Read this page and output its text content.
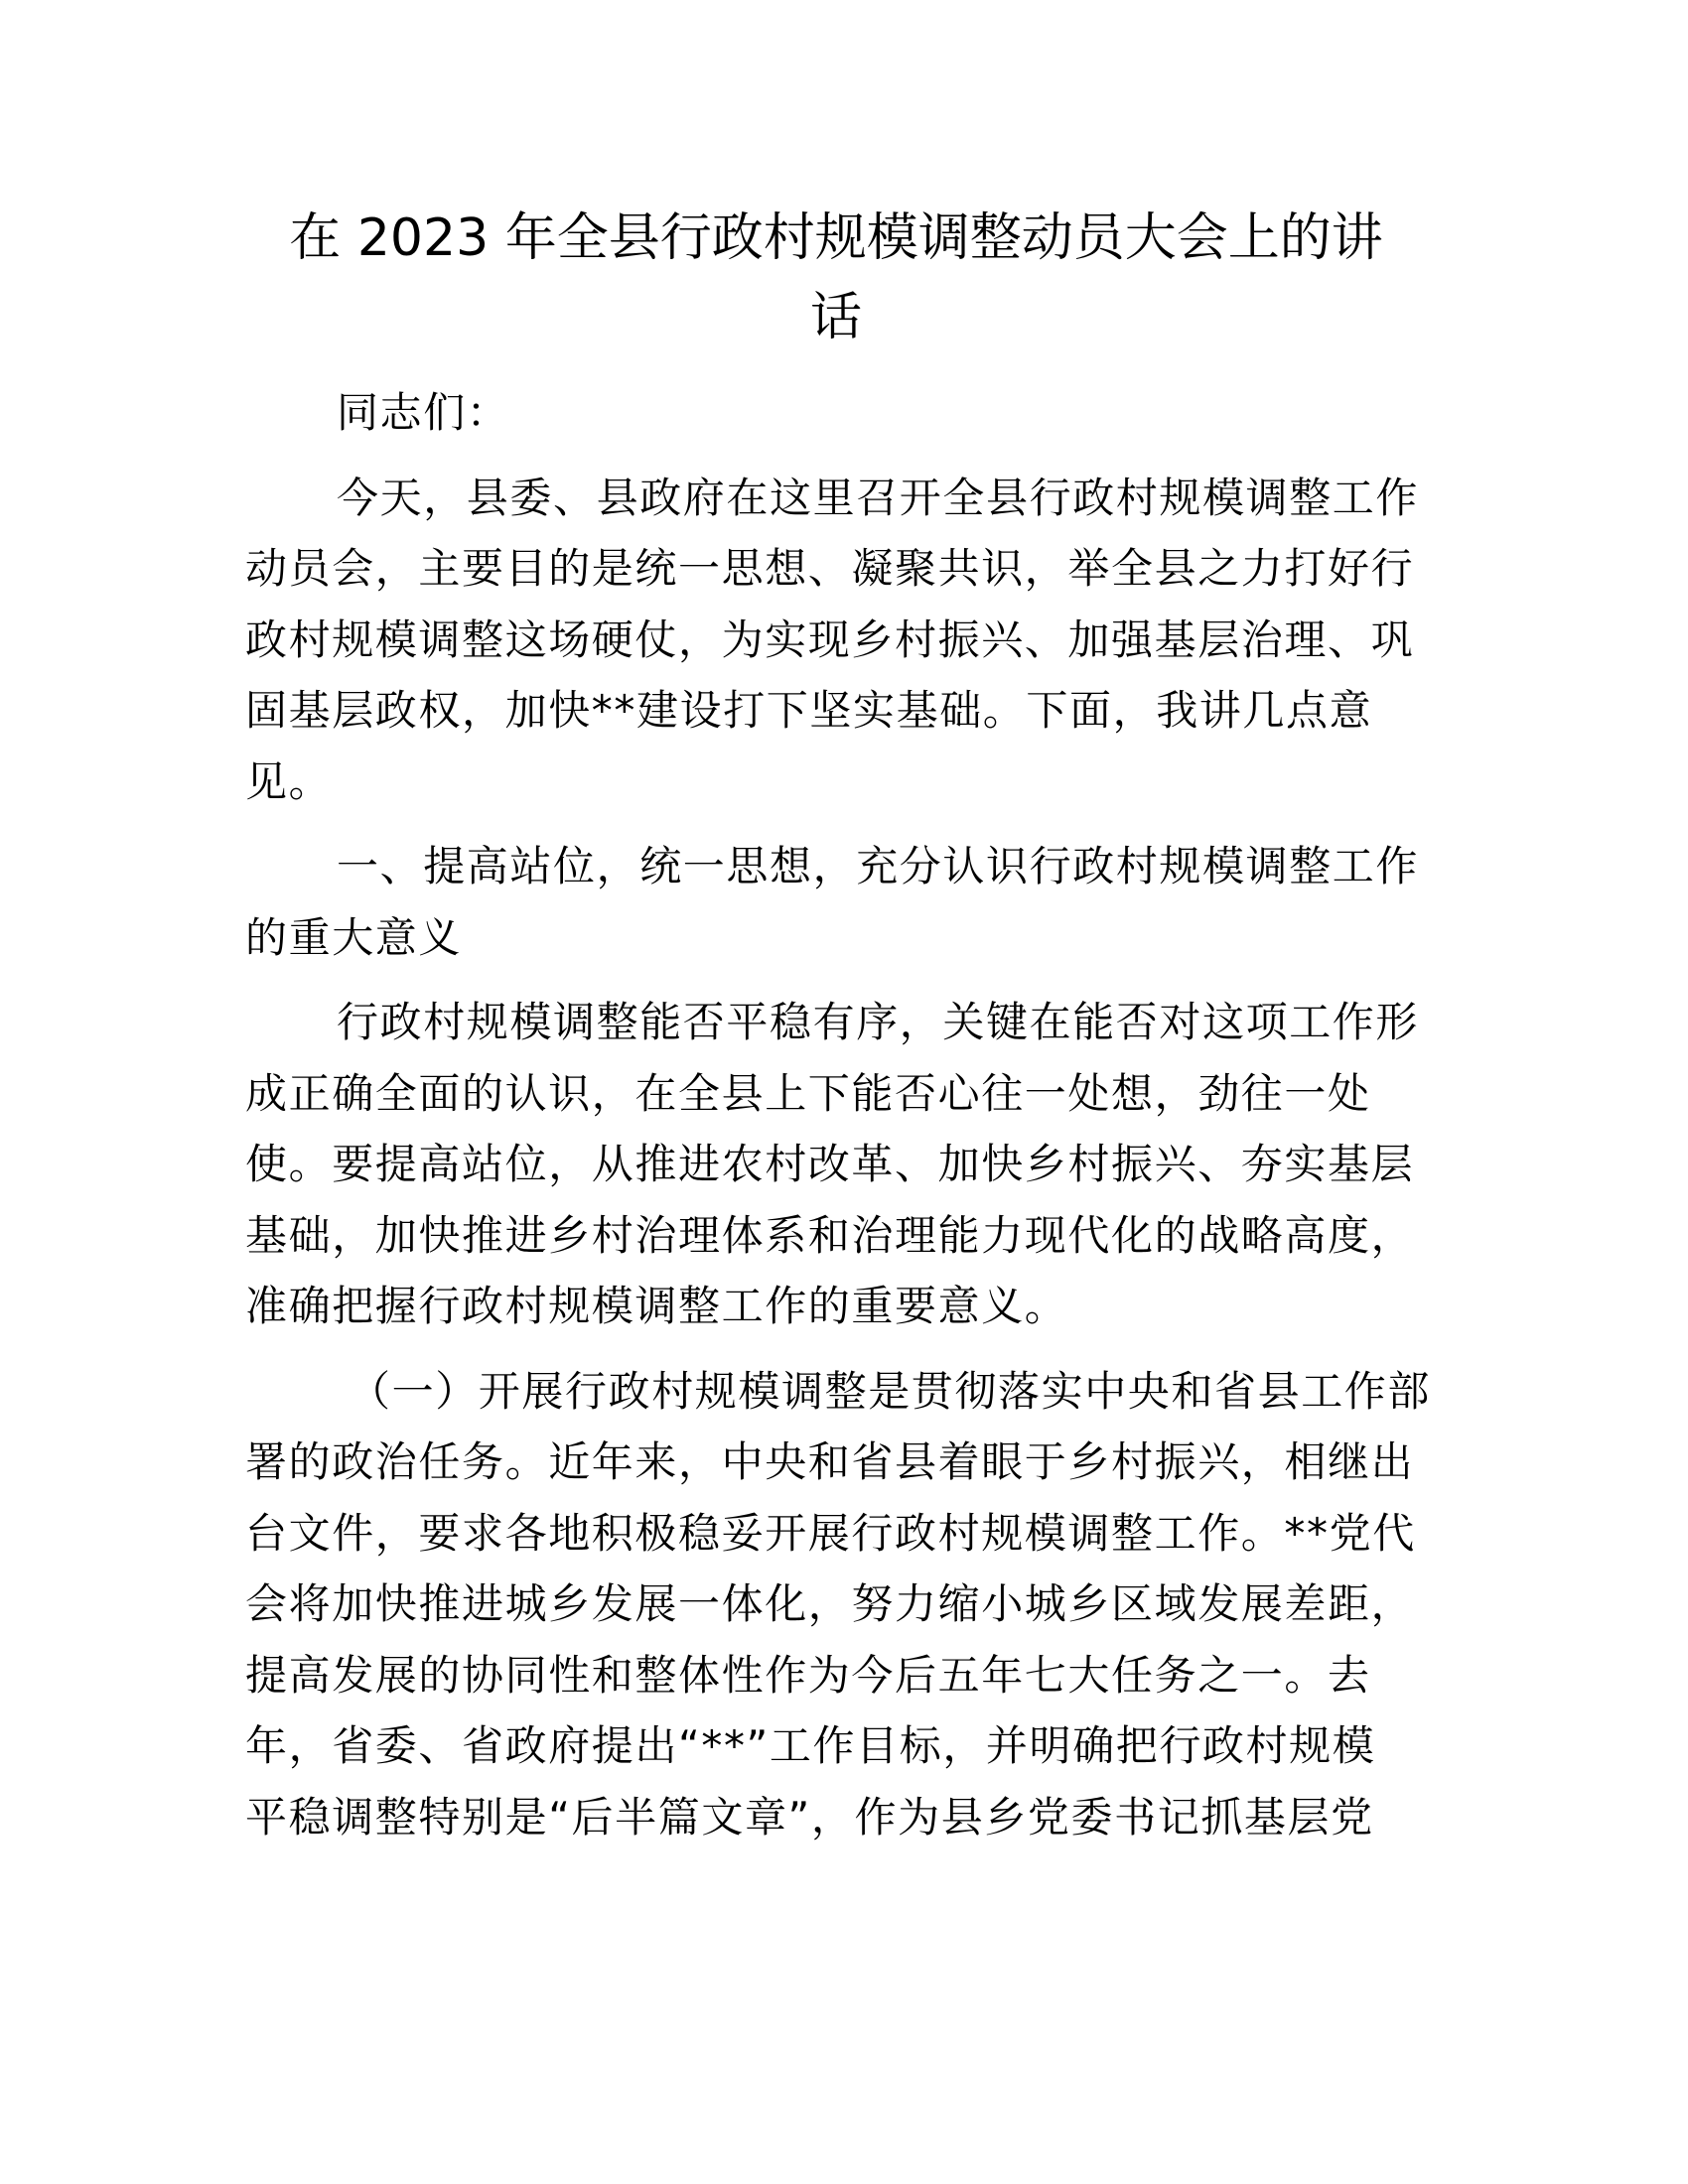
在 2023 年全县行政村规模调整动员大会上的讲
话
同志们：
今天，县委、县政府在这里召开全县行政村规模调整工作
动员会，主要目的是统一思想、凝聚共识，举全县之力打好行
政村规模调整这场硬仗，为实现乡村振兴、加强基层治理、巩
固基层政权，加快**建设打下坚实基础。下面，我讲几点意
见。
一、提高站位，统一思想，充分认识行政村规模调整工作
的重大意义
行政村规模调整能否平稳有序，关键在能否对这项工作形
成正确全面的认识，在全县上下能否心往一处想，劲往一处
使。要提高站位，从推进农村改革、加快乡村振兴、夯实基层
基础，加快推进乡村治理体系和治理能力现代化的战略高度，
准确把握行政村规模调整工作的重要意义。
（一）开展行政村规模调整是贯彻落实中央和省县工作部
署的政治任务。近年来，中央和省县着眼于乡村振兴，相继出
台文件，要求各地积极稳妥开展行政村规模调整工作。**党代
会将加快推进城乡发展一体化，努力缩小城乡区域发展差距，
提高发展的协同性和整体性作为今后五年七大任务之一。去
年，省委、省政府提出“**”工作目标，并明确把行政村规模
平稳调整特别是“后半篇文章”，作为县乡党委书记抓基层党
